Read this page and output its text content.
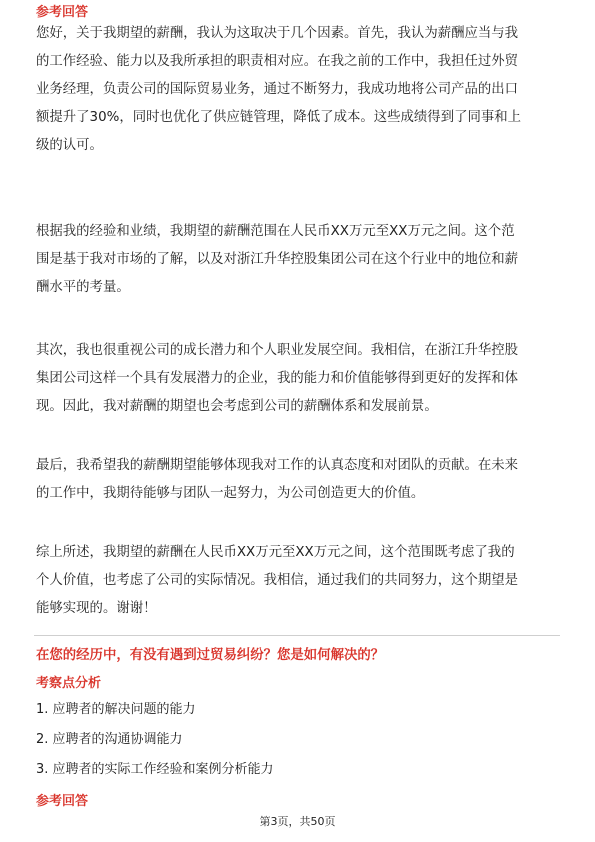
参考回答
您好，关于我期望的薪酬，我认为这取决于几个因素。首先，我认为薪酬应当与我
的工作经验、能力以及我所承担的职责相对应。在我之前的工作中，我担任过外贸
业务经理，负责公司的国际贸易业务，通过不断努力，我成功地将公司产品的出口
额提升了30%，同时也优化了供应链管理，降低了成本。这些成绩得到了同事和上
级的认可。
根据我的经验和业绩，我期望的薪酬范围在人民币XX万元至XX万元之间。这个范
围是基于我对市场的了解，以及对浙江升华控股集团公司在这个行业中的地位和薪
酬水平的考量。
其次，我也很重视公司的成长潜力和个人职业发展空间。我相信，在浙江升华控股
集团公司这样一个具有发展潜力的企业，我的能力和价值能够得到更好的发挥和体
现。因此，我对薪酬的期望也会考虑到公司的薪酬体系和发展前景。
最后，我希望我的薪酬期望能够体现我对工作的认真态度和对团队的贡献。在未来
的工作中，我期待能够与团队一起努力，为公司创造更大的价值。
综上所述，我期望的薪酬在人民币XX万元至XX万元之间，这个范围既考虑了我的
个人价值，也考虑了公司的实际情况。我相信，通过我们的共同努力，这个期望是
能够实现的。谢谢！
在您的经历中，有没有遇到过贸易纠纷？您是如何解决的？
考察点分析
1. 应聘者的解决问题的能力
2. 应聘者的沟通协调能力
3. 应聘者的实际工作经验和案例分析能力
参考回答
第3页，共50页
